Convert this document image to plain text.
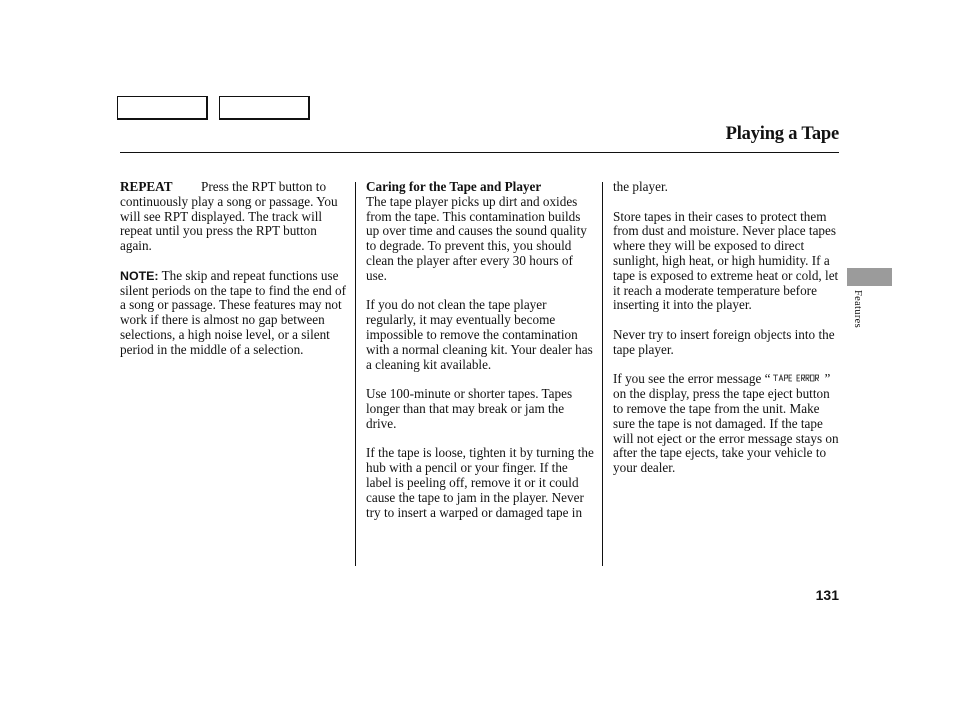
Playing a Tape

REPEAT Press the RPT button to continuously play a song or passage. You will see RPT displayed. The track will repeat until you press the RPT button again.

NOTE: The skip and repeat functions use silent periods on the tape to find the end of a song or passage. These features may not work if there is almost no gap between selections, a high noise level, or a silent period in the middle of a selection.

Caring for the Tape and Player
The tape player picks up dirt and oxides from the tape. This contamination builds up over time and causes the sound quality to degrade. To prevent this, you should clean the player after every 30 hours of use.

If you do not clean the tape player regularly, it may eventually become impossible to remove the contamination with a normal cleaning kit. Your dealer has a cleaning kit available.

Use 100-minute or shorter tapes. Tapes longer than that may break or jam the drive.

If the tape is loose, tighten it by turning the hub with a pencil or your finger. If the label is peeling off, remove it or it could cause the tape to jam in the player. Never try to insert a warped or damaged tape in

the player.

Store tapes in their cases to protect them from dust and moisture. Never place tapes where they will be exposed to direct sunlight, high heat, or high humidity. If a tape is exposed to extreme heat or cold, let it reach a moderate temperature before inserting it into the player.

Never try to insert foreign objects into the tape player.

If you see the error message “	” on the display, press the tape eject button to remove the tape from the unit. Make sure the tape is not damaged. If the tape will not eject or the error message stays on after the tape ejects, take your vehicle to your dealer.

Features
131
